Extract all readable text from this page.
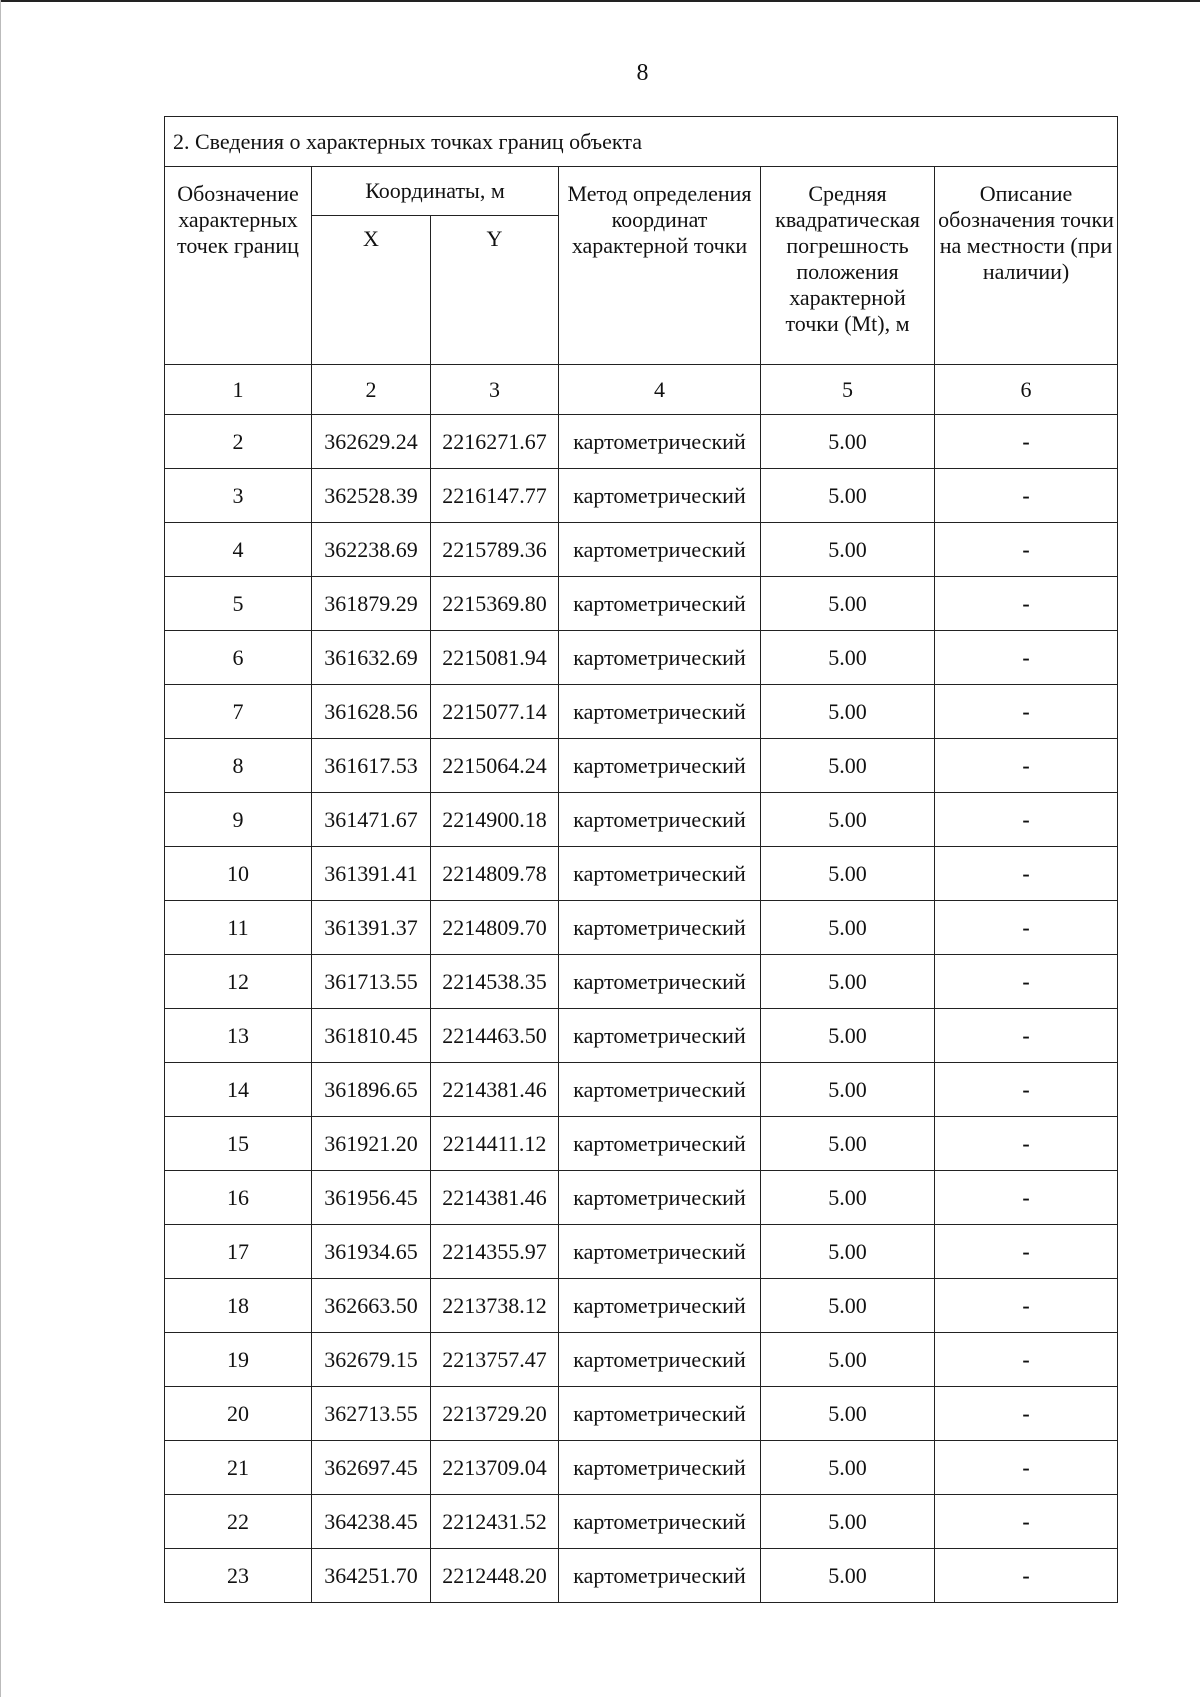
8
2. Сведения о характерных точках границ объекта					
Обозначение характерных точек границ	Координаты, м		Метод определения координат характерной точки	Средняя квадратическая погрешность положения характерной точки (Mt), м	Описание обозначения точки на местности (при наличии)
	X	Y			
1	2	3	4	5	6
2	362629.24	2216271.67	картометрический	5.00	-
3	362528.39	2216147.77	картометрический	5.00	-
4	362238.69	2215789.36	картометрический	5.00	-
5	361879.29	2215369.80	картометрический	5.00	-
6	361632.69	2215081.94	картометрический	5.00	-
7	361628.56	2215077.14	картометрический	5.00	-
8	361617.53	2215064.24	картометрический	5.00	-
9	361471.67	2214900.18	картометрический	5.00	-
10	361391.41	2214809.78	картометрический	5.00	-
11	361391.37	2214809.70	картометрический	5.00	-
12	361713.55	2214538.35	картометрический	5.00	-
13	361810.45	2214463.50	картометрический	5.00	-
14	361896.65	2214381.46	картометрический	5.00	-
15	361921.20	2214411.12	картометрический	5.00	-
16	361956.45	2214381.46	картометрический	5.00	-
17	361934.65	2214355.97	картометрический	5.00	-
18	362663.50	2213738.12	картометрический	5.00	-
19	362679.15	2213757.47	картометрический	5.00	-
20	362713.55	2213729.20	картометрический	5.00	-
21	362697.45	2213709.04	картометрический	5.00	-
22	364238.45	2212431.52	картометрический	5.00	-
23	364251.70	2212448.20	картометрический	5.00	-
